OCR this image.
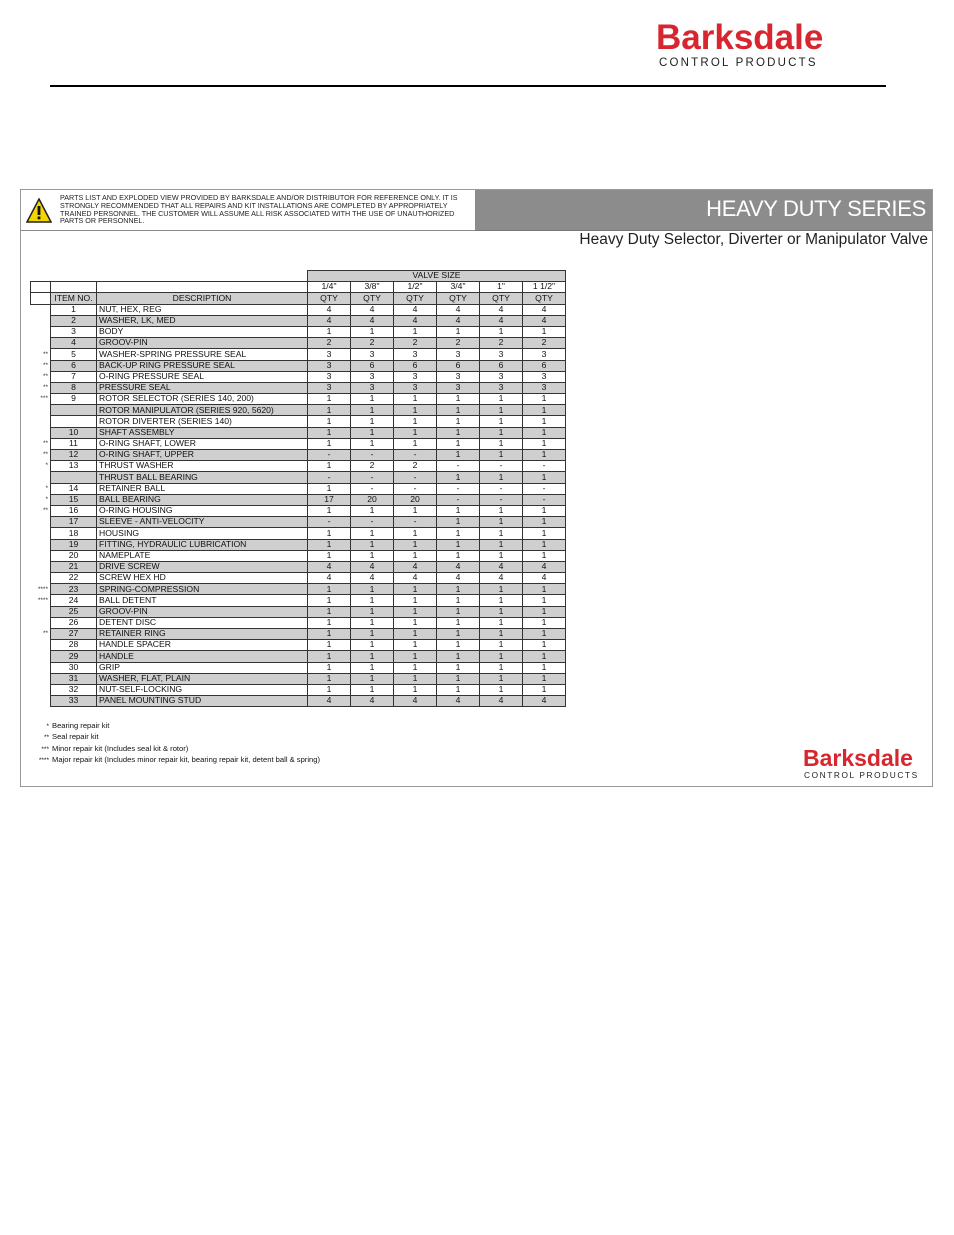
Barksdale
CONTROL PRODUCTS
PARTS LIST AND EXPLODED VIEW PROVIDED BY BARKSDALE AND/OR DISTRIBUTOR FOR REFERENCE ONLY. IT IS STRONGLY RECOMMENDED THAT ALL REPAIRS AND KIT INSTALLATIONS ARE COMPLETED BY APPROPRIATELY TRAINED PERSONNEL. THE CUSTOMER WILL ASSUME ALL RISK ASSOCIATED WITH THE USE OF UNAUTHORIZED PARTS OR PERSONNEL.	HEAVY DUTY SERIES
Heavy Duty Selector, Diverter or Manipulator Valve
			VALVE SIZE					
			1/4"	3/8"	1/2"	3/4"	1"	1 1/2"
	ITEM NO.	DESCRIPTION	QTY	QTY	QTY	QTY	QTY	QTY
	1	NUT, HEX, REG	4	4	4	4	4	4
	2	WASHER, LK, MED	4	4	4	4	4	4
	3	BODY	1	1	1	1	1	1
	4	GROOV-PIN	2	2	2	2	2	2
**	5	WASHER-SPRING PRESSURE SEAL	3	3	3	3	3	3
**	6	BACK-UP RING PRESSURE SEAL	3	6	6	6	6	6
**	7	O-RING PRESSURE SEAL	3	3	3	3	3	3
**	8	PRESSURE SEAL	3	3	3	3	3	3
***	9	ROTOR SELECTOR (SERIES 140, 200)	1	1	1	1	1	1
		ROTOR MANIPULATOR (SERIES 920, 5620)	1	1	1	1	1	1
		ROTOR DIVERTER (SERIES 140)	1	1	1	1	1	1
	10	SHAFT ASSEMBLY	1	1	1	1	1	1
**	11	O-RING SHAFT, LOWER	1	1	1	1	1	1
**	12	O-RING SHAFT, UPPER	-	-	-	1	1	1
*	13	THRUST WASHER	1	2	2	-	-	-
		THRUST BALL BEARING	-	-	-	1	1	1
*	14	RETAINER BALL	1	-	-	-	-	-
*	15	BALL BEARING	17	20	20	-	-	-
**	16	O-RING HOUSING	1	1	1	1	1	1
	17	SLEEVE - ANTI-VELOCITY	-	-	-	1	1	1
	18	HOUSING	1	1	1	1	1	1
	19	FITTING, HYDRAULIC LUBRICATION	1	1	1	1	1	1
	20	NAMEPLATE	1	1	1	1	1	1
	21	DRIVE SCREW	4	4	4	4	4	4
	22	SCREW HEX HD	4	4	4	4	4	4
****	23	SPRING-COMPRESSION	1	1	1	1	1	1
****	24	BALL DETENT	1	1	1	1	1	1
	25	GROOV-PIN	1	1	1	1	1	1
	26	DETENT DISC	1	1	1	1	1	1
**	27	RETAINER RING	1	1	1	1	1	1
	28	HANDLE SPACER	1	1	1	1	1	1
	29	HANDLE	1	1	1	1	1	1
	30	GRIP	1	1	1	1	1	1
	31	WASHER, FLAT, PLAIN	1	1	1	1	1	1
	32	NUT-SELF-LOCKING	1	1	1	1	1	1
	33	PANEL MOUNTING STUD	4	4	4	4	4	4
* Bearing repair kit
** Seal repair kit
*** Minor repair kit (Includes seal kit & rotor)
**** Major repair kit (Includes minor repair kit, bearing repair kit, detent ball & spring)	Barksdale
CONTROL PRODUCTS
